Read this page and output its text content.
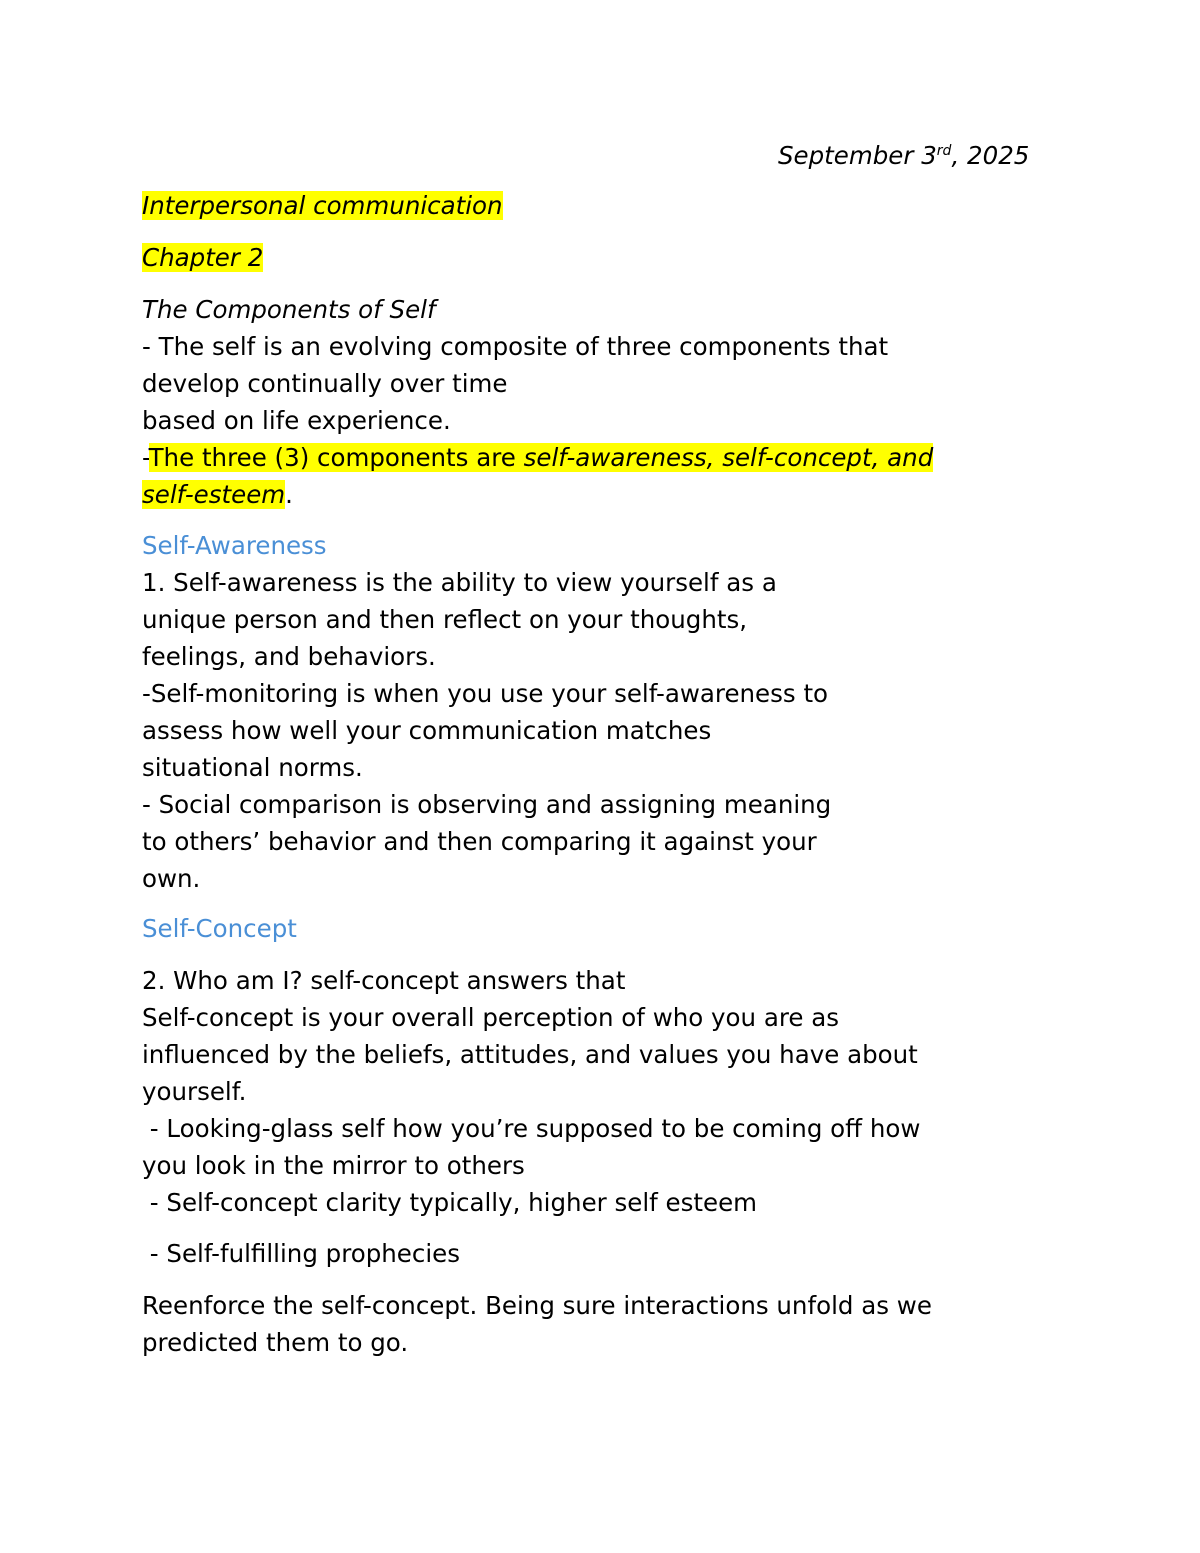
September 3rd, 2025
Interpersonal communication
Chapter 2
The Components of Self
- The self is an evolving composite of three components that
develop continually over time
based on life experience.
-The three (3) components are self-awareness, self-concept, and
self-esteem.
Self-Awareness
1. Self-awareness is the ability to view yourself as a
unique person and then reflect on your thoughts,
feelings, and behaviors.
-Self-monitoring is when you use your self-awareness to
assess how well your communication matches
situational norms.
- Social comparison is observing and assigning meaning
to others’ behavior and then comparing it against your
own.
Self-Concept
2. Who am I? self-concept answers that
Self-concept is your overall perception of who you are as
influenced by the beliefs, attitudes, and values you have about
yourself.
- Looking-glass self how you’re supposed to be coming off how
you look in the mirror to others
- Self-concept clarity typically, higher self esteem
- Self-fulfilling prophecies
Reenforce the self-concept. Being sure interactions unfold as we
predicted them to go.
